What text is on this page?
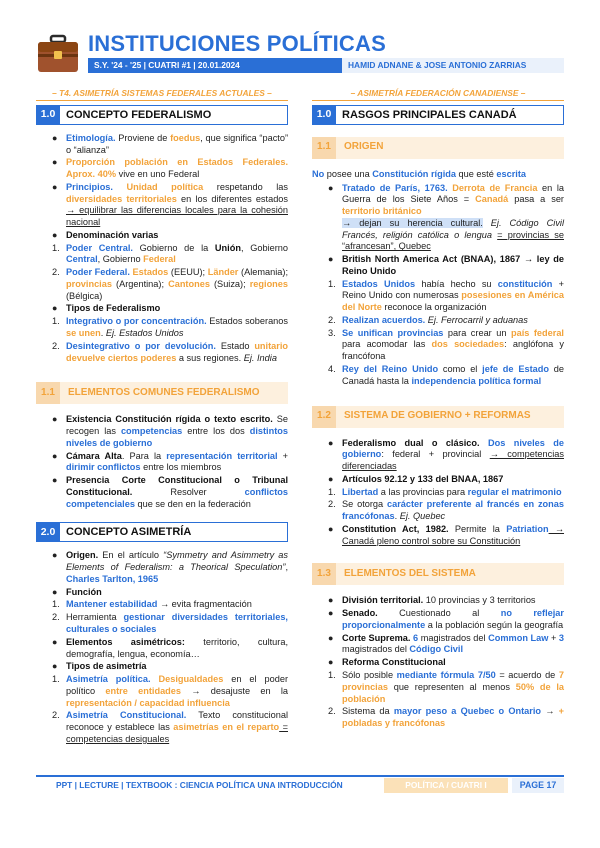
INSTITUCIONES POLÍTICAS
S.Y. '24 - '25 | CUATRI #1 | 20.01.2024	HAMID ADNANE & JOSE ANTONIO ZARRIAS
– T4. ASIMETRÍA SISTEMAS FEDERALES ACTUALES –
1.0 CONCEPTO FEDERALISMO
● Etimología. Proviene de foedus, que significa “pacto” o “alianza”
● Proporción población en Estados Federales. Aprox. 40% vive en uno Federal
● Principios. Unidad política respetando las diversidades territoriales en los diferentes estados → equilibrar las diferencias locales para la cohesión nacional
● Denominación varias
1. Poder Central. Gobierno de la Unión, Gobierno Central, Gobierno Federal
2. Poder Federal. Estados (EEUU); Länder (Alemania); provincias (Argentina); Cantones (Suiza); regiones (Bélgica)
● Tipos de Federalismo
1. Integrativo o por concentración. Estados soberanos se unen. Ej. Estados Unidos
2. Desintegrativo o por devolución. Estado unitario devuelve ciertos poderes a sus regiones. Ej. India
1.1	ELEMENTOS COMUNES FEDERALISMO
● Existencia Constitución rígida o texto escrito. Se recogen las competencias entre los dos distintos niveles de gobierno
● Cámara Alta. Para la representación territorial + dirimir conflictos entre los miembros
● Presencia Corte Constitucional o Tribunal Constitucional. Resolver conflictos competenciales que se den en la federación
2.0 CONCEPTO ASIMETRÍA
● Origen. En el artículo “Symmetry and Asimmetry as Elements of Federalism: a Theorical Speculation”, Charles Tarlton, 1965
● Función
1. Mantener estabilidad → evita fragmentación
2. Herramienta gestionar diversidades territoriales, culturales o sociales
● Elementos asimétricos: territorio, cultura, demografía, lengua, economía…
● Tipos de asimetría
1. Asimetría política. Desigualdades en el poder político entre entidades → desajuste en la representación / capacidad influencia
2. Asimetría Constitucional. Texto constitucional reconoce y establece las asimetrías en el reparto = competencias desiguales
– ASIMETRÍA FEDERACIÓN CANADIENSE –
1.0 RASGOS PRINCIPALES CANADÁ
1.1	ORIGEN
No posee una Constitución rígida que esté escrita
● Tratado de París, 1763. Derrota de Francia en la Guerra de los Siete Años = Canadá pasa a ser territorio británico
→ dejan su herencia cultural. Ej. Código Civil Francés, religión católica o lengua = provincias se “afrancesan”, Quebec
● British North America Act (BNAA), 1867 → ley de Reino Unido
1. Estados Unidos había hecho su constitución + Reino Unido con numerosas posesiones en América del Norte reconoce la organización
2. Realizan acuerdos. Ej. Ferrocarril y aduanas
3. Se unifican provincias para crear un país federal para acomodar las dos sociedades: anglófona y francófona
4. Rey del Reino Unido como el jefe de Estado de Canadá hasta la independencia política formal
1.2	SISTEMA DE GOBIERNO + REFORMAS
● Federalismo dual o clásico. Dos niveles de gobierno: federal + provincial → competencias diferenciadas
● Artículos 92.12 y 133 del BNAA, 1867
1. Libertad a las provincias para regular el matrimonio
2. Se otorga carácter preferente al francés en zonas francófonas. Ej. Quebec
● Constitution Act, 1982. Permite la Patriation → Canadá pleno control sobre su Constitución
1.3	ELEMENTOS DEL SISTEMA
● División territorial. 10 provincias y 3 territorios
● Senado. Cuestionado al no reflejar proporcionalmente a la población según la geografía
● Corte Suprema. 6 magistrados del Common Law + 3 magistrados del Código Civil
● Reforma Constitucional
1. Sólo posible mediante fórmula 7/50 = acuerdo de 7 provincias que representen al menos 50% de la población
2. Sistema da mayor peso a Quebec o Ontario → + pobladas y francófonas
PPT | LECTURE | TEXTBOOK : CIENCIA POLÍTICA UNA INTRODUCCIÓN	POLÍTICA / CUATRI I	PAGE 17
